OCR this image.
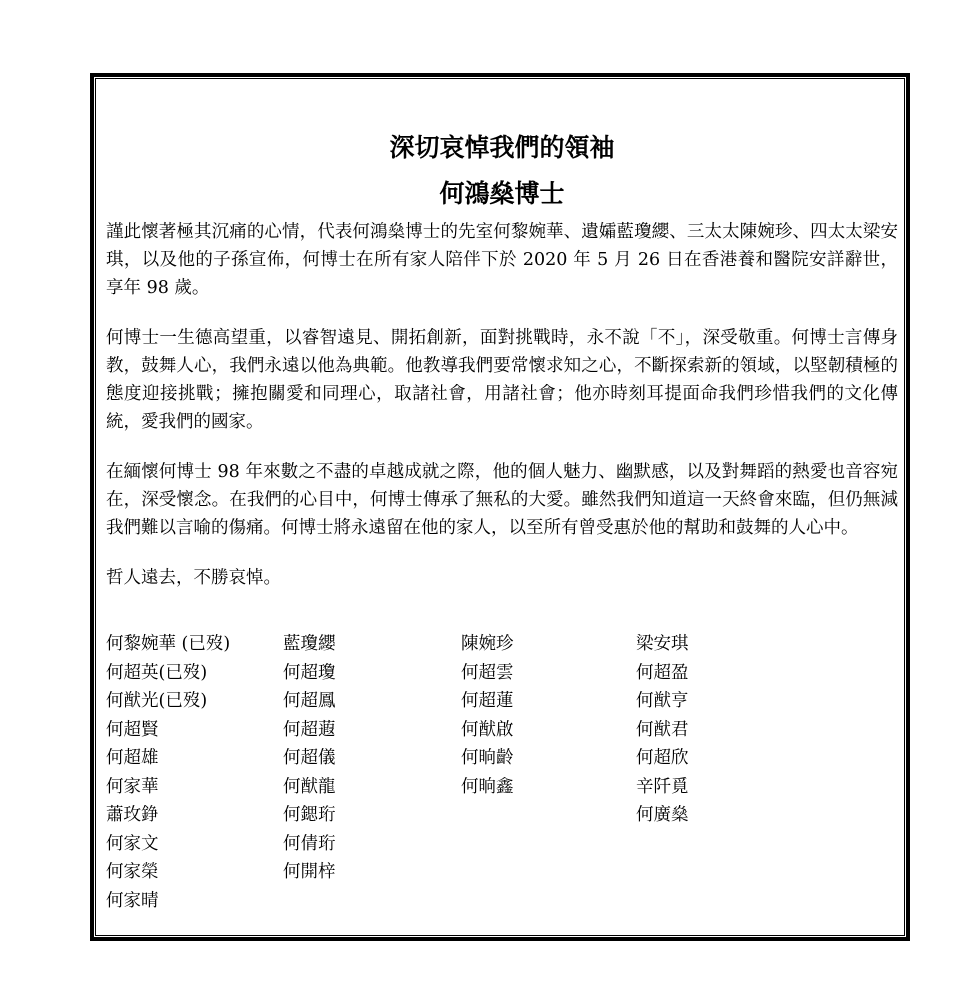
深切哀悼我們的領袖
何鴻燊博士

謹此懷著極其沉痛的心情，代表何鴻燊博士的先室何黎婉華、遺孀藍瓊纓、三太太陳婉珍、四太太梁安琪，以及他的子孫宣佈，何博士在所有家人陪伴下於 2020 年 5 月 26 日在香港養和醫院安詳辭世，享年 98 歲。

何博士一生德高望重，以睿智遠見、開拓創新，面對挑戰時，永不說「不」，深受敬重。何博士言傳身教，鼓舞人心，我們永遠以他為典範。他教導我們要常懷求知之心，不斷探索新的領域，以堅韌積極的態度迎接挑戰；擁抱關愛和同理心，取諸社會，用諸社會；他亦時刻耳提面命我們珍惜我們的文化傳統，愛我們的國家。

在緬懷何博士 98 年來數之不盡的卓越成就之際，他的個人魅力、幽默感，以及對舞蹈的熱愛也音容宛在，深受懷念。在我們的心目中，何博士傳承了無私的大愛。雖然我們知道這一天終會來臨，但仍無減我們難以言喻的傷痛。何博士將永遠留在他的家人，以至所有曾受惠於他的幫助和鼓舞的人心中。

哲人遠去，不勝哀悼。

何黎婉華 (已歿)
何超英(已歿)
何猷光(已歿)
何超賢
何超雄
何家華
蕭玫錚
何家文
何家榮
何家晴
藍瓊纓
何超瓊
何超鳳
何超蕸
何超儀
何猷龍
何鍶珩
何倩珩
何開梓
陳婉珍
何超雲
何超蓮
何猷啟
何晌齡
何晌鑫
梁安琪
何超盈
何猷亨
何猷君
何超欣
辛阡覓
何廣燊
